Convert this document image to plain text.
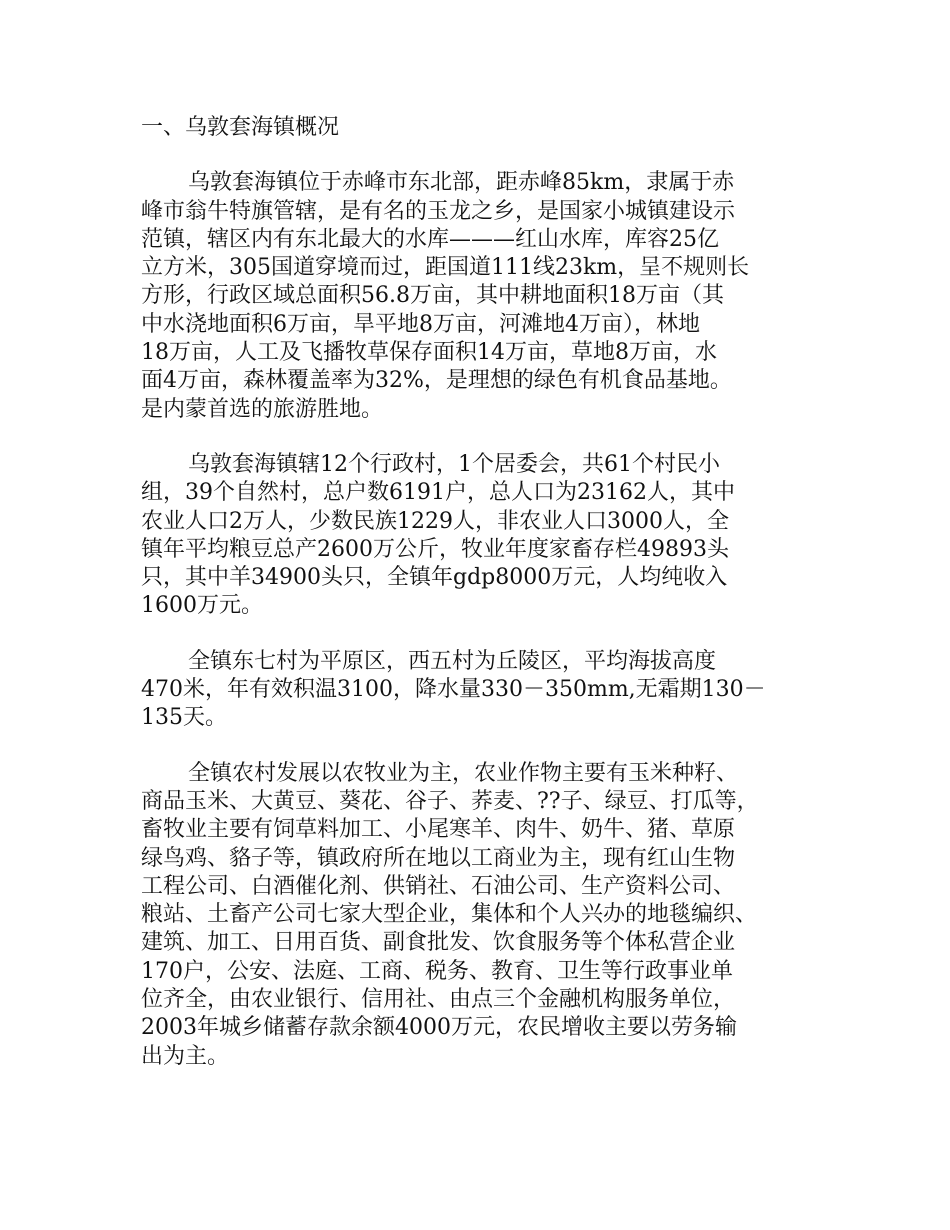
一、乌敦套海镇概况
乌敦套海镇位于赤峰市东北部，距赤峰85km，隶属于赤
峰市翁牛特旗管辖，是有名的玉龙之乡，是国家小城镇建设示
范镇，辖区内有东北最大的水库———红山水库，库容25亿
立方米，305国道穿境而过，距国道111线23km，呈不规则长
方形，行政区域总面积56.8万亩，其中耕地面积18万亩（其
中水浇地面积6万亩，旱平地8万亩，河滩地4万亩），林地
18万亩，人工及飞播牧草保存面积14万亩，草地8万亩，水
面4万亩，森林覆盖率为32%，是理想的绿色有机食品基地。
是内蒙首选的旅游胜地。
乌敦套海镇辖12个行政村，1个居委会，共61个村民小
组，39个自然村，总户数6191户，总人口为23162人，其中
农业人口2万人，少数民族1229人，非农业人口3000人，全
镇年平均粮豆总产2600万公斤，牧业年度家畜存栏49893头
只，其中羊34900头只，全镇年gdp8000万元，人均纯收入
1600万元。
全镇东七村为平原区，西五村为丘陵区，平均海拔高度
470米，年有效积温3100，降水量330－350mm,无霜期130－
135天。
全镇农村发展以农牧业为主，农业作物主要有玉米种籽、
商品玉米、大黄豆、葵花、谷子、荞麦、??子、绿豆、打瓜等，
畜牧业主要有饲草料加工、小尾寒羊、肉牛、奶牛、猪、草原
绿鸟鸡、貉子等，镇政府所在地以工商业为主，现有红山生物
工程公司、白酒催化剂、供销社、石油公司、生产资料公司、
粮站、土畜产公司七家大型企业，集体和个人兴办的地毯编织、
建筑、加工、日用百货、副食批发、饮食服务等个体私营企业
170户，公安、法庭、工商、税务、教育、卫生等行政事业单
位齐全，由农业银行、信用社、由点三个金融机构服务单位，
2003年城乡储蓄存款余额4000万元，农民增收主要以劳务输
出为主。
